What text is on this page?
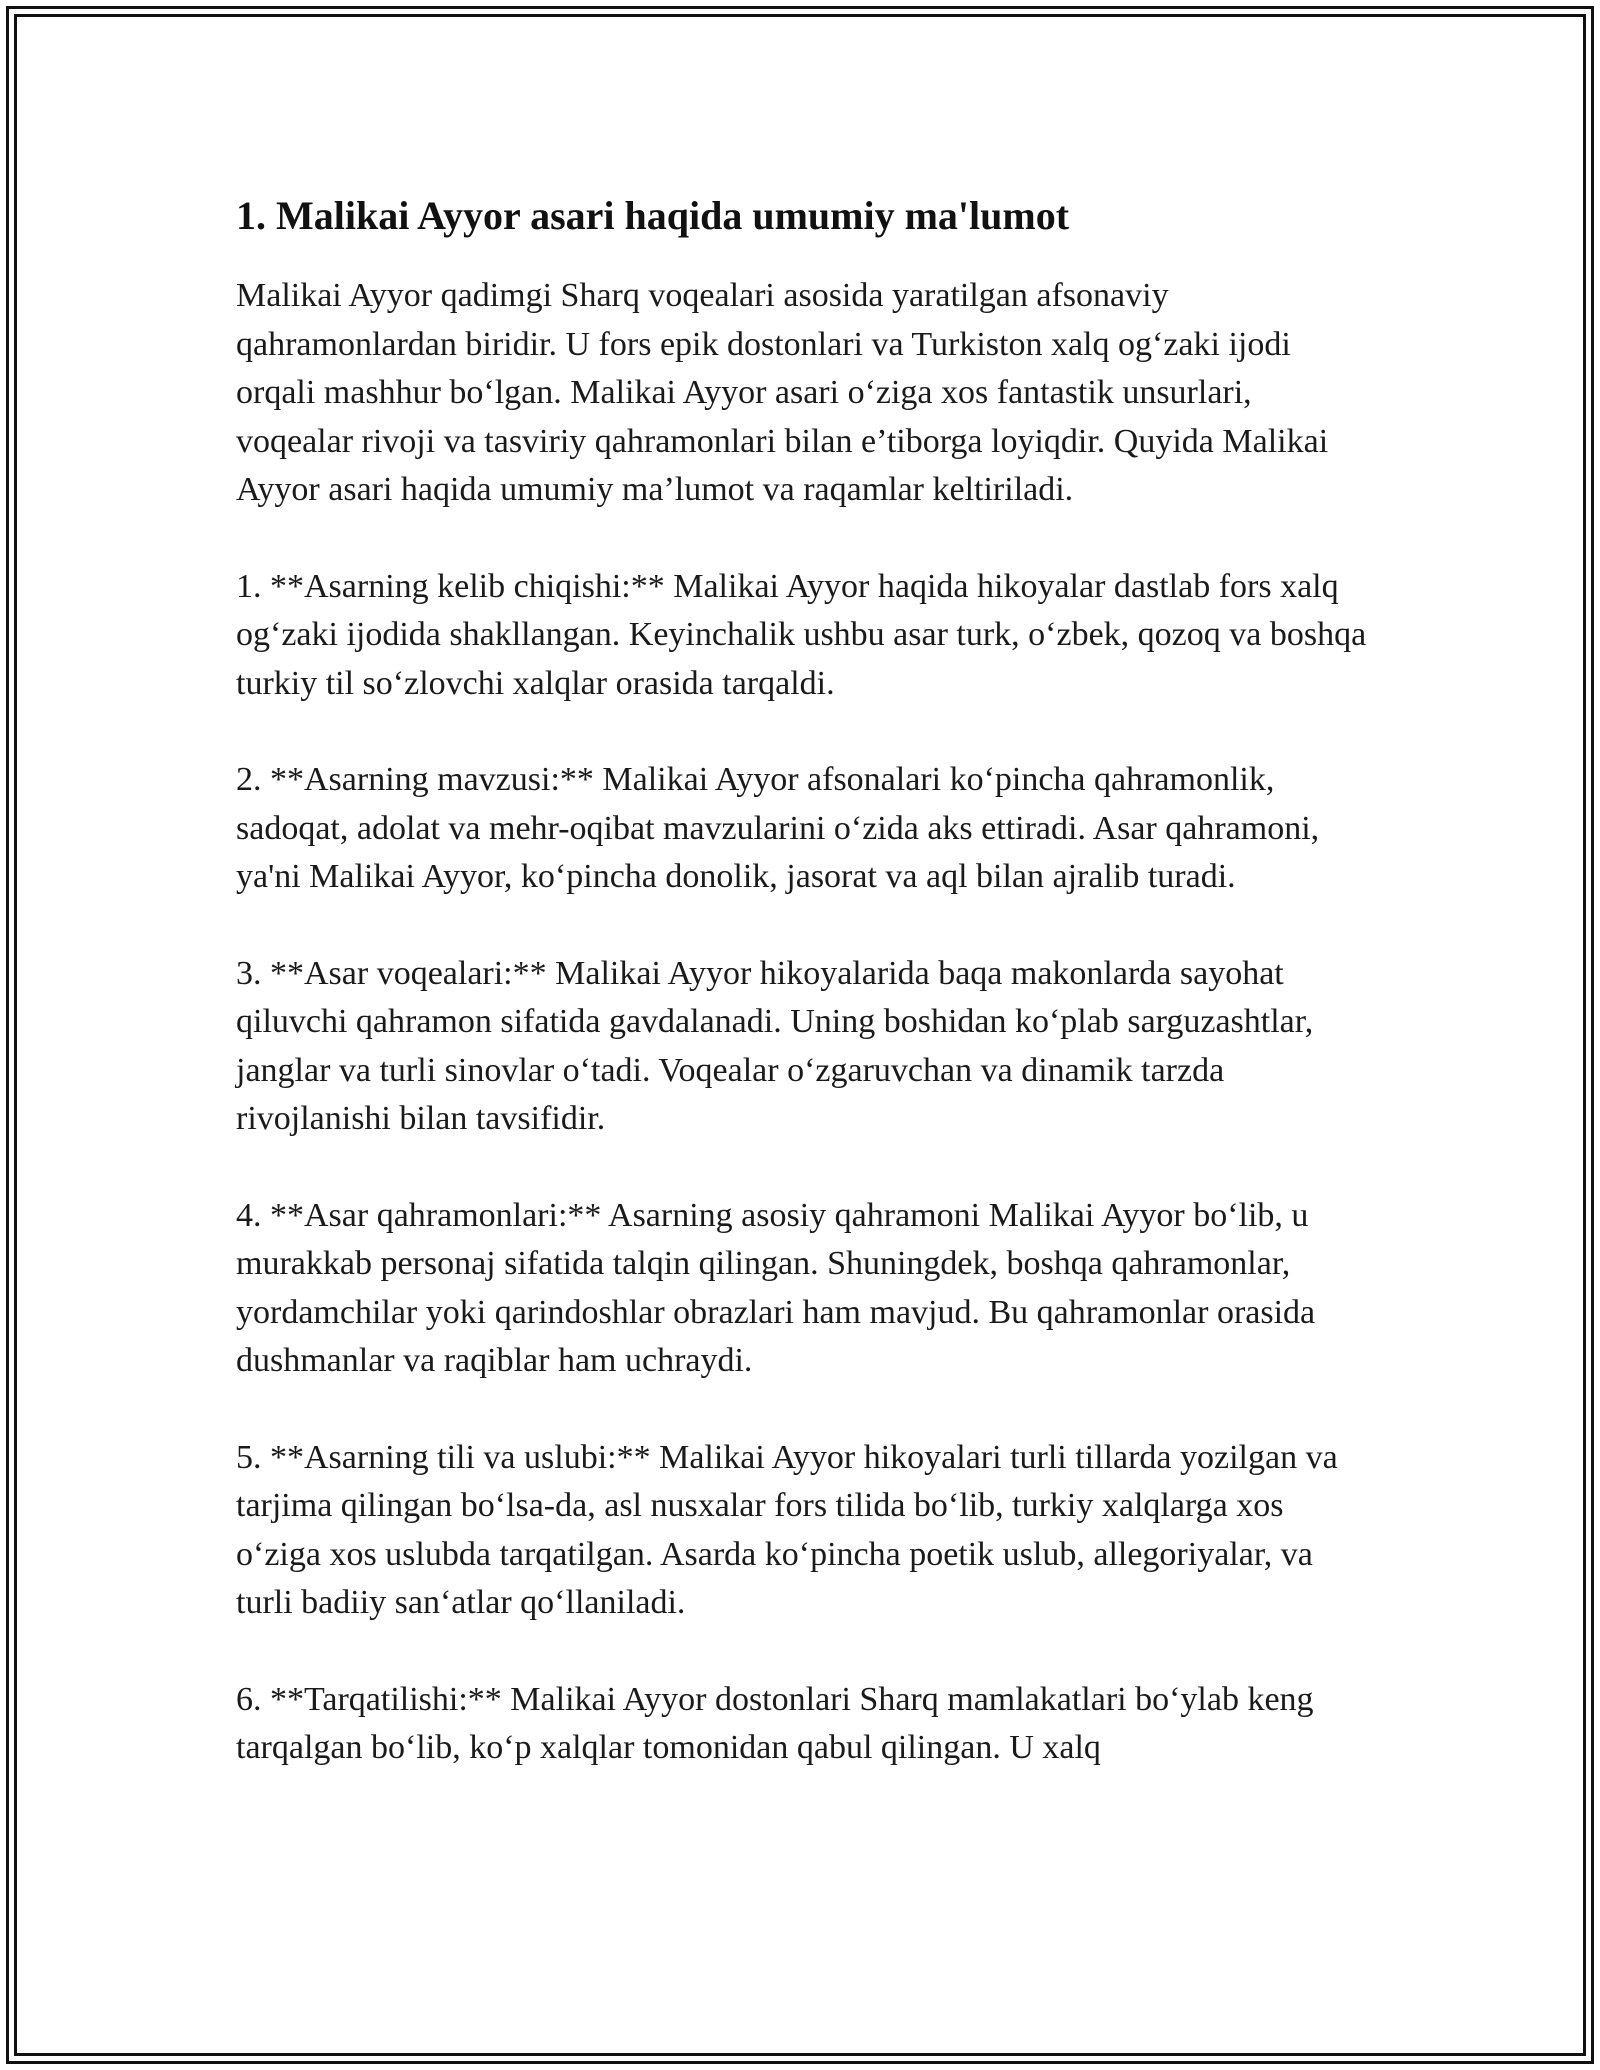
1. Malikai Ayyor asari haqida umumiy ma'lumot

Malikai Ayyor qadimgi Sharq voqealari asosida yaratilgan afsonaviy qahramonlardan biridir. U fors epik dostonlari va Turkiston xalq og‘zaki ijodi orqali mashhur bo‘lgan. Malikai Ayyor asari o‘ziga xos fantastik unsurlari, voqealar rivoji va tasviriy qahramonlari bilan e’tiborga loyiqdir. Quyida Malikai Ayyor asari haqida umumiy ma’lumot va raqamlar keltiriladi.

1. **Asarning kelib chiqishi:** Malikai Ayyor haqida hikoyalar dastlab fors xalq og‘zaki ijodida shakllangan. Keyinchalik ushbu asar turk, o‘zbek, qozoq va boshqa turkiy til so‘zlovchi xalqlar orasida tarqaldi.

2. **Asarning mavzusi:** Malikai Ayyor afsonalari ko‘pincha qahramonlik, sadoqat, adolat va mehr-oqibat mavzularini o‘zida aks ettiradi. Asar qahramoni, ya'ni Malikai Ayyor, ko‘pincha donolik, jasorat va aql bilan ajralib turadi.

3. **Asar voqealari:** Malikai Ayyor hikoyalarida baqa makonlarda sayohat qiluvchi qahramon sifatida gavdalanadi. Uning boshidan ko‘plab sarguzashtlar, janglar va turli sinovlar o‘tadi. Voqealar o‘zgaruvchan va dinamik tarzda rivojlanishi bilan tavsifidir.

4. **Asar qahramonlari:** Asarning asosiy qahramoni Malikai Ayyor bo‘lib, u murakkab personaj sifatida talqin qilingan. Shuningdek, boshqa qahramonlar, yordamchilar yoki qarindoshlar obrazlari ham mavjud. Bu qahramonlar orasida dushmanlar va raqiblar ham uchraydi.

5. **Asarning tili va uslubi:** Malikai Ayyor hikoyalari turli tillarda yozilgan va tarjima qilingan bo‘lsa-da, asl nusxalar fors tilida bo‘lib, turkiy xalqlarga xos o‘ziga xos uslubda tarqatilgan. Asarda ko‘pincha poetik uslub, allegoriyalar, va turli badiiy san‘atlar qo‘llaniladi.

6. **Tarqatilishi:** Malikai Ayyor dostonlari Sharq mamlakatlari bo‘ylab keng tarqalgan bo‘lib, ko‘p xalqlar tomonidan qabul qilingan. U xalq
